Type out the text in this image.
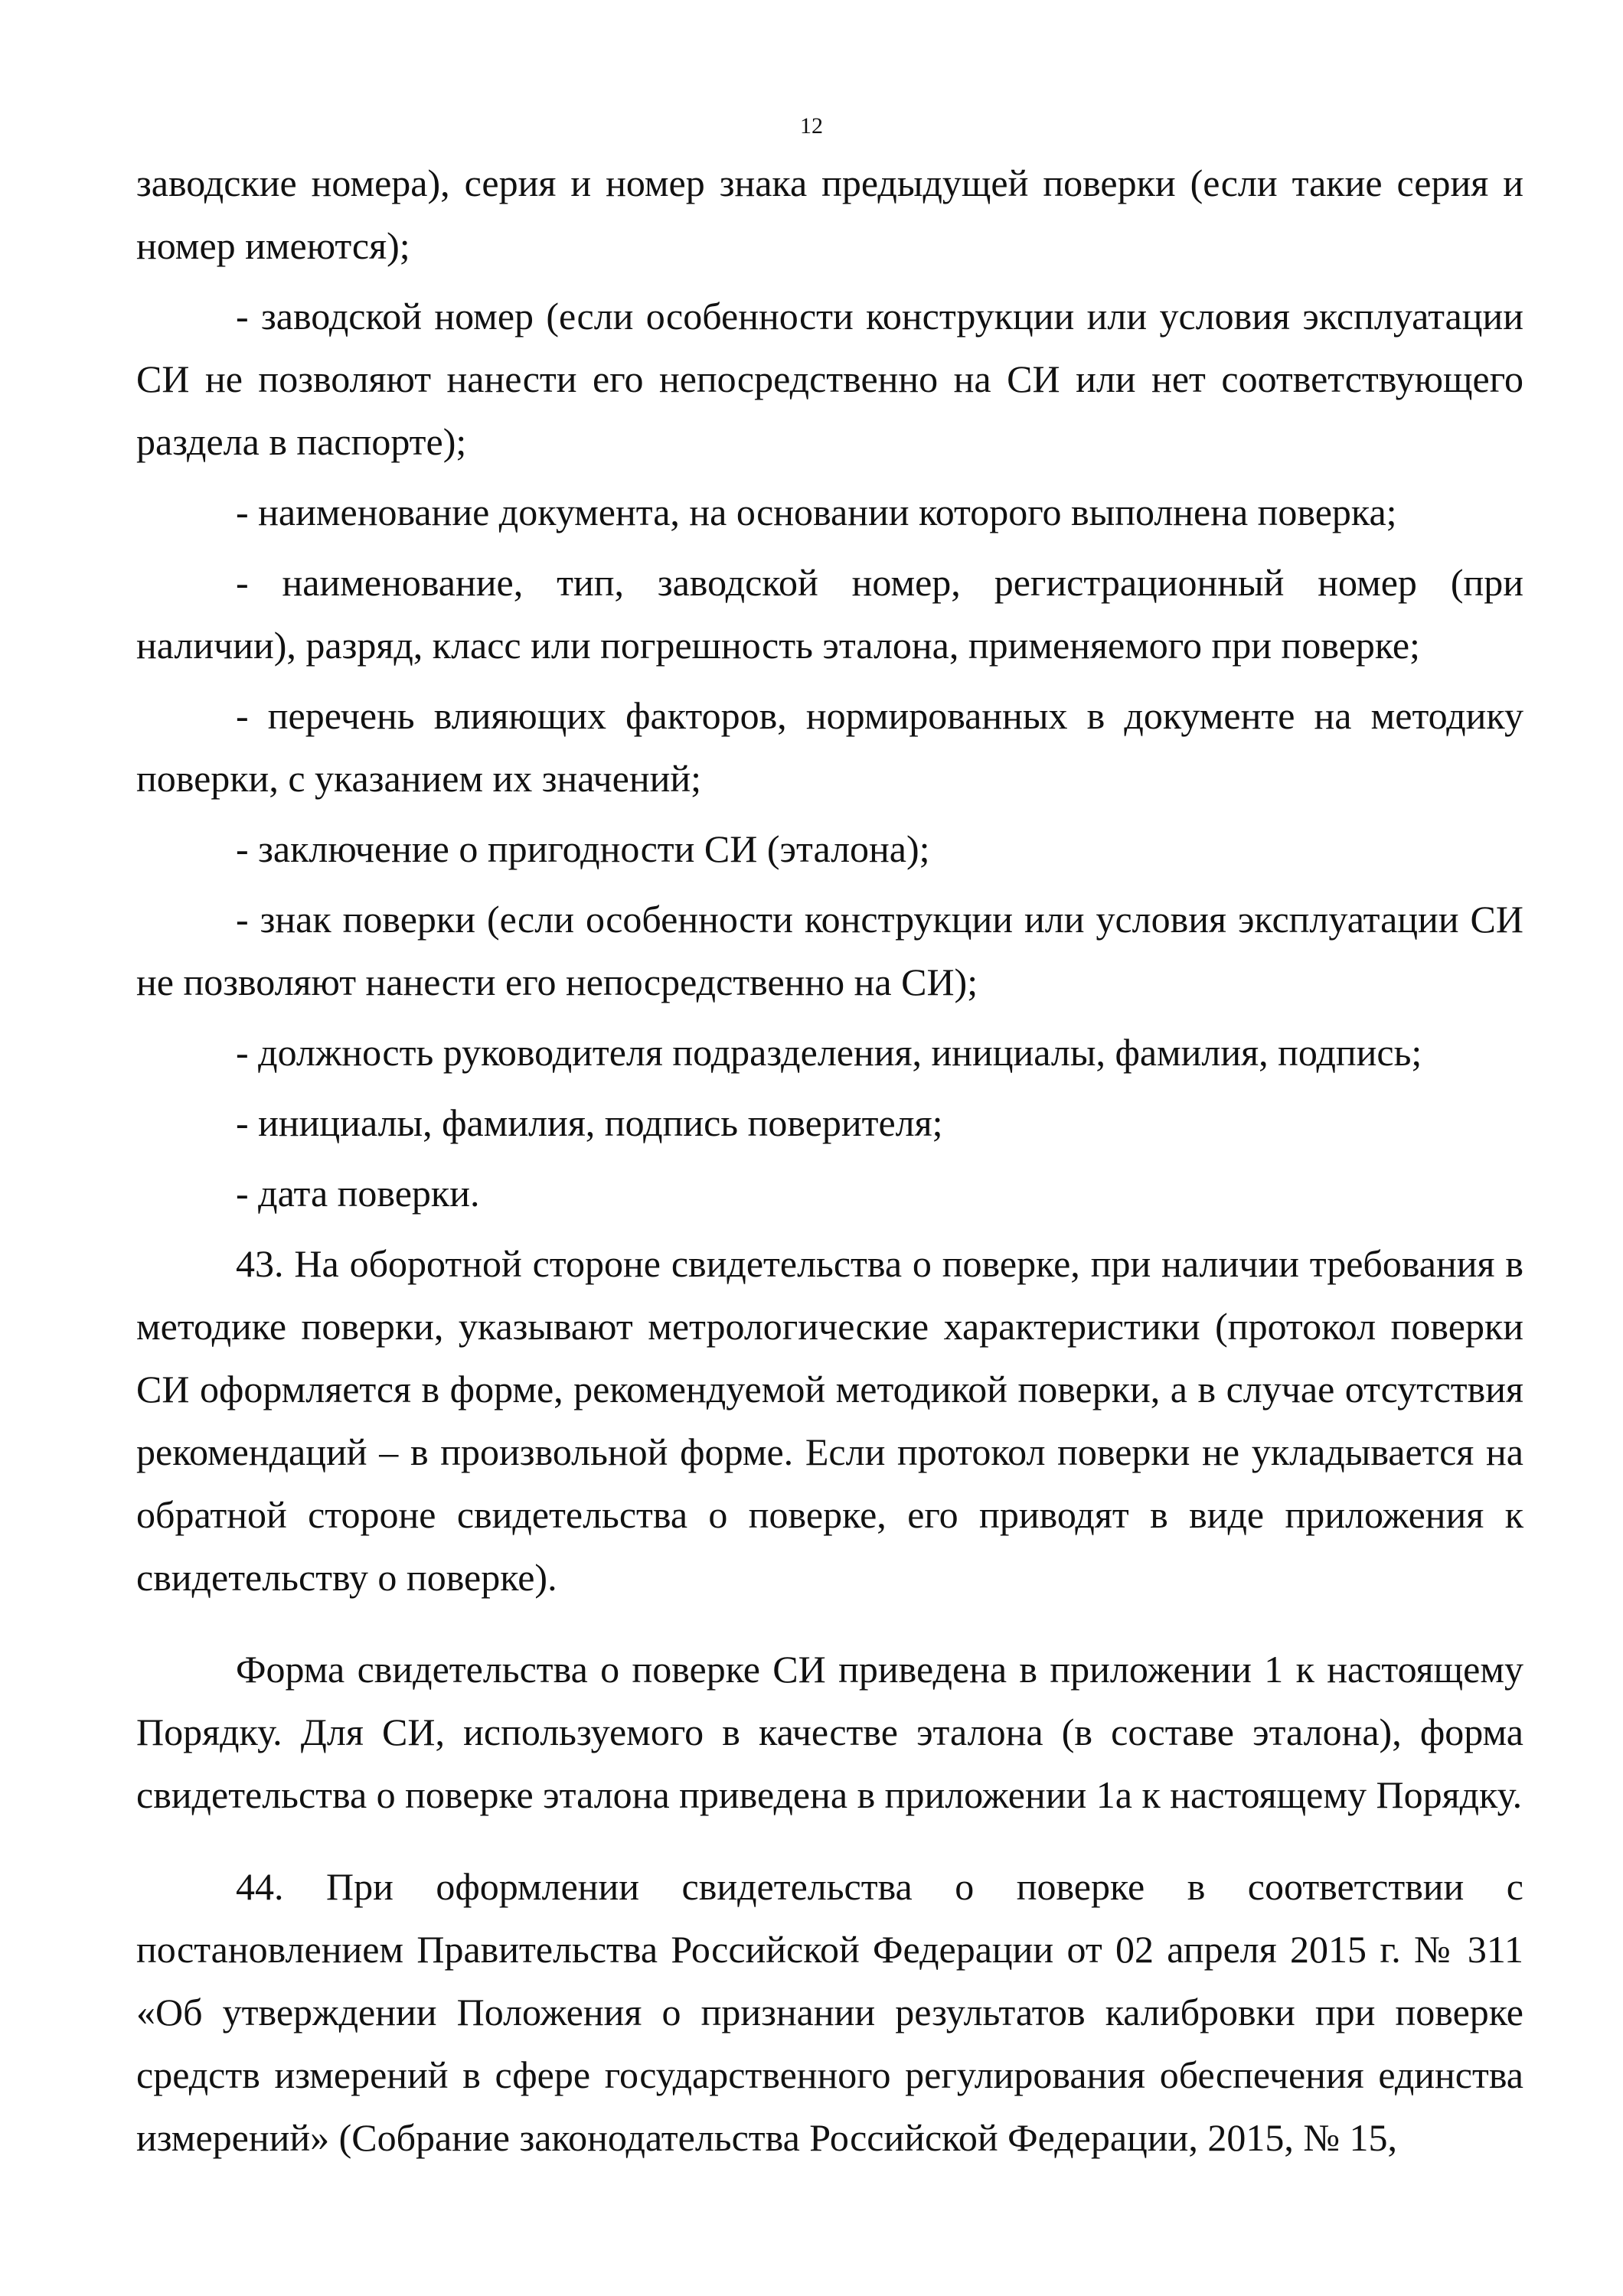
12

заводские номера), серия и номер знака предыдущей поверки (если такие серия и номер имеются);

- заводской номер (если особенности конструкции или условия эксплуатации СИ не позволяют нанести его непосредственно на СИ или нет соответствующего раздела в паспорте);

- наименование документа, на основании которого выполнена поверка;

- наименование, тип, заводской номер, регистрационный номер (при наличии), разряд, класс или погрешность эталона, применяемого при поверке;

- перечень влияющих факторов, нормированных в документе на методику поверки, с указанием их значений;

- заключение о пригодности СИ (эталона);

- знак поверки (если особенности конструкции или условия эксплуатации СИ не позволяют нанести его непосредственно на СИ);

- должность руководителя подразделения, инициалы, фамилия, подпись;

- инициалы, фамилия, подпись поверителя;

- дата поверки.

43. На оборотной стороне свидетельства о поверке, при наличии требования в методике поверки, указывают метрологические характеристики (протокол поверки СИ оформляется в форме, рекомендуемой методикой поверки, а в случае отсутствия рекомендаций – в произвольной форме. Если протокол поверки не укладывается на обратной стороне свидетельства о поверке, его приводят в виде приложения к свидетельству о поверке).

Форма свидетельства о поверке СИ приведена в приложении 1 к настоящему Порядку. Для СИ, используемого в качестве эталона (в составе эталона), форма свидетельства о поверке эталона приведена в приложении 1а к настоящему Порядку.

44. При оформлении свидетельства о поверке в соответствии с постановлением Правительства Российской Федерации от 02 апреля 2015 г. № 311 «Об утверждении Положения о признании результатов калибровки при поверке средств измерений в сфере государственного регулирования обеспечения единства измерений» (Собрание законодательства Российской Федерации, 2015, № 15,
